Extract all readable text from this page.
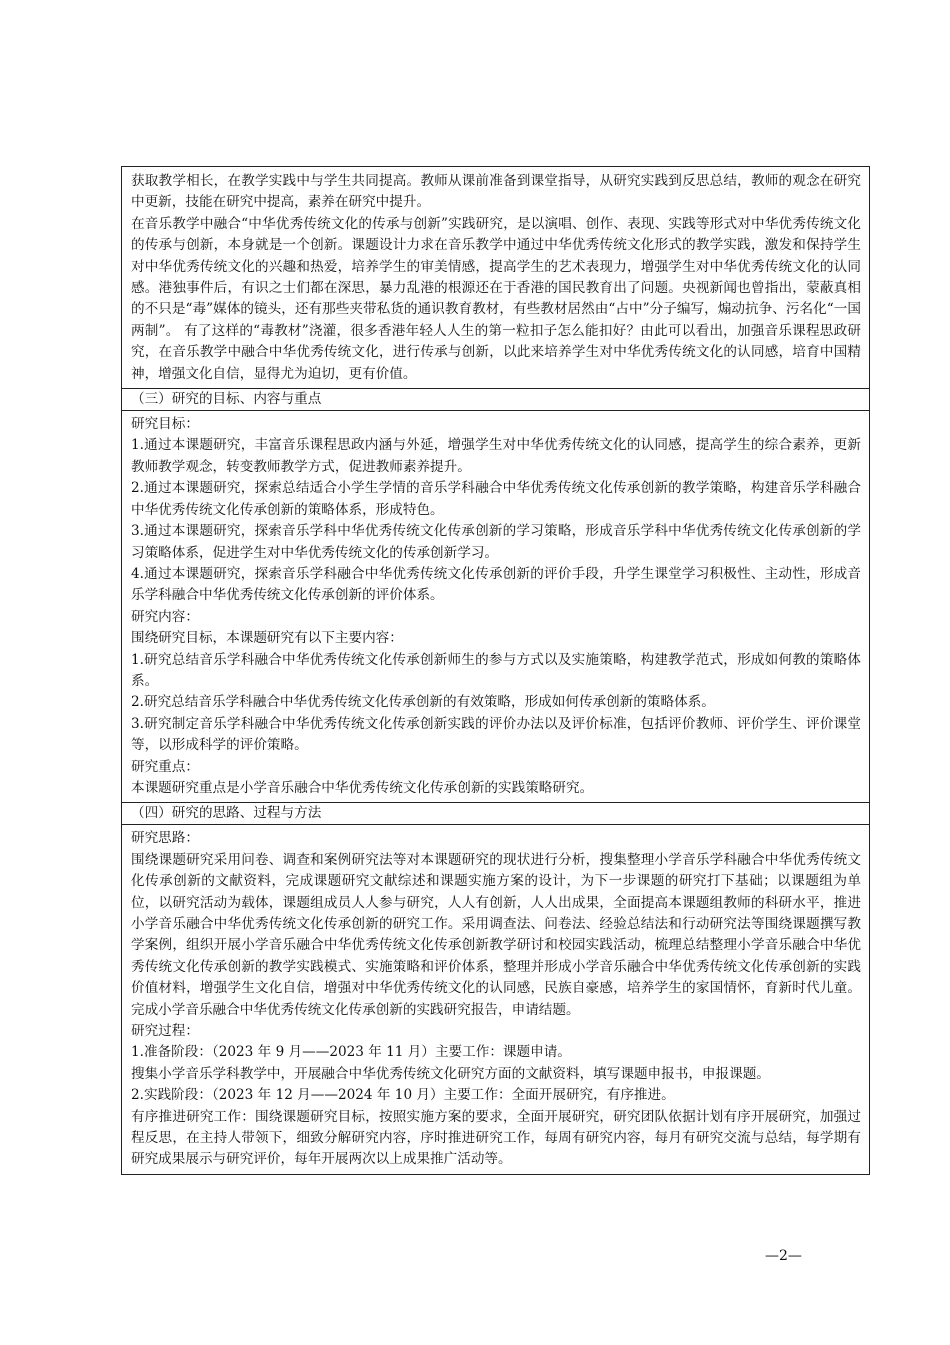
获取教学相长，在教学实践中与学生共同提高。教师从课前准备到课堂指导，从研究实践到反思总结，教师的观念在研究中更新，技能在研究中提高，素养在研究中提升。

在音乐教学中融合“中华优秀传统文化的传承与创新”实践研究，是以演唱、创作、表现、实践等形式对中华优秀传统文化的传承与创新，本身就是一个创新。课题设计力求在音乐教学中通过中华优秀传统文化形式的教学实践，激发和保持学生对中华优秀传统文化的兴趣和热爱，培养学生的审美情感，提高学生的艺术表现力，增强学生对中华优秀传统文化的认同感。港独事件后，有识之士们都在深思，暴力乱港的根源还在于香港的国民教育出了问题。央视新闻也曾指出，蒙蔽真相的不只是“毒”媒体的镜头，还有那些夹带私货的通识教育教材，有些教材居然由“占中”分子编写，煽动抗争、污名化“一国两制”。 有了这样的“毒教材”浇灌，很多香港年轻人人生的第一粒扣子怎么能扣好？由此可以看出，加强音乐课程思政研究，在音乐教学中融合中华优秀传统文化，进行传承与创新，以此来培养学生对中华优秀传统文化的认同感，培育中国精神，增强文化自信，显得尤为迫切，更有价值。

（三）研究的目标、内容与重点

研究目标：

1.通过本课题研究，丰富音乐课程思政内涵与外延，增强学生对中华优秀传统文化的认同感，提高学生的综合素养，更新教师教学观念，转变教师教学方式，促进教师素养提升。

2.通过本课题研究，探索总结适合小学生学情的音乐学科融合中华优秀传统文化传承创新的教学策略，构建音乐学科融合中华优秀传统文化传承创新的策略体系，形成特色。

3.通过本课题研究，探索音乐学科中华优秀传统文化传承创新的学习策略，形成音乐学科中华优秀传统文化传承创新的学习策略体系，促进学生对中华优秀传统文化的传承创新学习。

4.通过本课题研究，探索音乐学科融合中华优秀传统文化传承创新的评价手段，升学生课堂学习积极性、主动性，形成音乐学科融合中华优秀传统文化传承创新的评价体系。

研究内容：

围绕研究目标，本课题研究有以下主要内容：

1.研究总结音乐学科融合中华优秀传统文化传承创新师生的参与方式以及实施策略，构建教学范式，形成如何教的策略体系。

2.研究总结音乐学科融合中华优秀传统文化传承创新的有效策略，形成如何传承创新的策略体系。

3.研究制定音乐学科融合中华优秀传统文化传承创新实践的评价办法以及评价标准，包括评价教师、评价学生、评价课堂等，以形成科学的评价策略。

研究重点：

本课题研究重点是小学音乐融合中华优秀传统文化传承创新的实践策略研究。

（四）研究的思路、过程与方法

研究思路：

围绕课题研究采用问卷、调查和案例研究法等对本课题研究的现状进行分析，搜集整理小学音乐学科融合中华优秀传统文化传承创新的文献资料，完成课题研究文献综述和课题实施方案的设计，为下一步课题的研究打下基础；以课题组为单位，以研究活动为载体，课题组成员人人参与研究，人人有创新，人人出成果，全面提高本课题组教师的科研水平，推进小学音乐融合中华优秀传统文化传承创新的研究工作。采用调查法、问卷法、经验总结法和行动研究法等围绕课题撰写教学案例，组织开展小学音乐融合中华优秀传统文化传承创新教学研讨和校园实践活动，梳理总结整理小学音乐融合中华优秀传统文化传承创新的教学实践模式、实施策略和评价体系，整理并形成小学音乐融合中华优秀传统文化传承创新的实践价值材料，增强学生文化自信，增强对中华优秀传统文化的认同感，民族自豪感，培养学生的家国情怀，育新时代儿童。完成小学音乐融合中华优秀传统文化传承创新的实践研究报告，申请结题。

研究过程：

1.准备阶段：（2023 年 9 月——2023 年 11 月）主要工作：课题申请。

搜集小学音乐学科教学中，开展融合中华优秀传统文化研究方面的文献资料，填写课题申报书，申报课题。

2.实践阶段：（2023 年 12 月——2024 年 10 月）主要工作：全面开展研究，有序推进。

有序推进研究工作：围绕课题研究目标，按照实施方案的要求，全面开展研究，研究团队依据计划有序开展研究，加强过程反思，在主持人带领下，细致分解研究内容，序时推进研究工作，每周有研究内容，每月有研究交流与总结，每学期有研究成果展示与研究评价，每年开展两次以上成果推广活动等。

—2—
